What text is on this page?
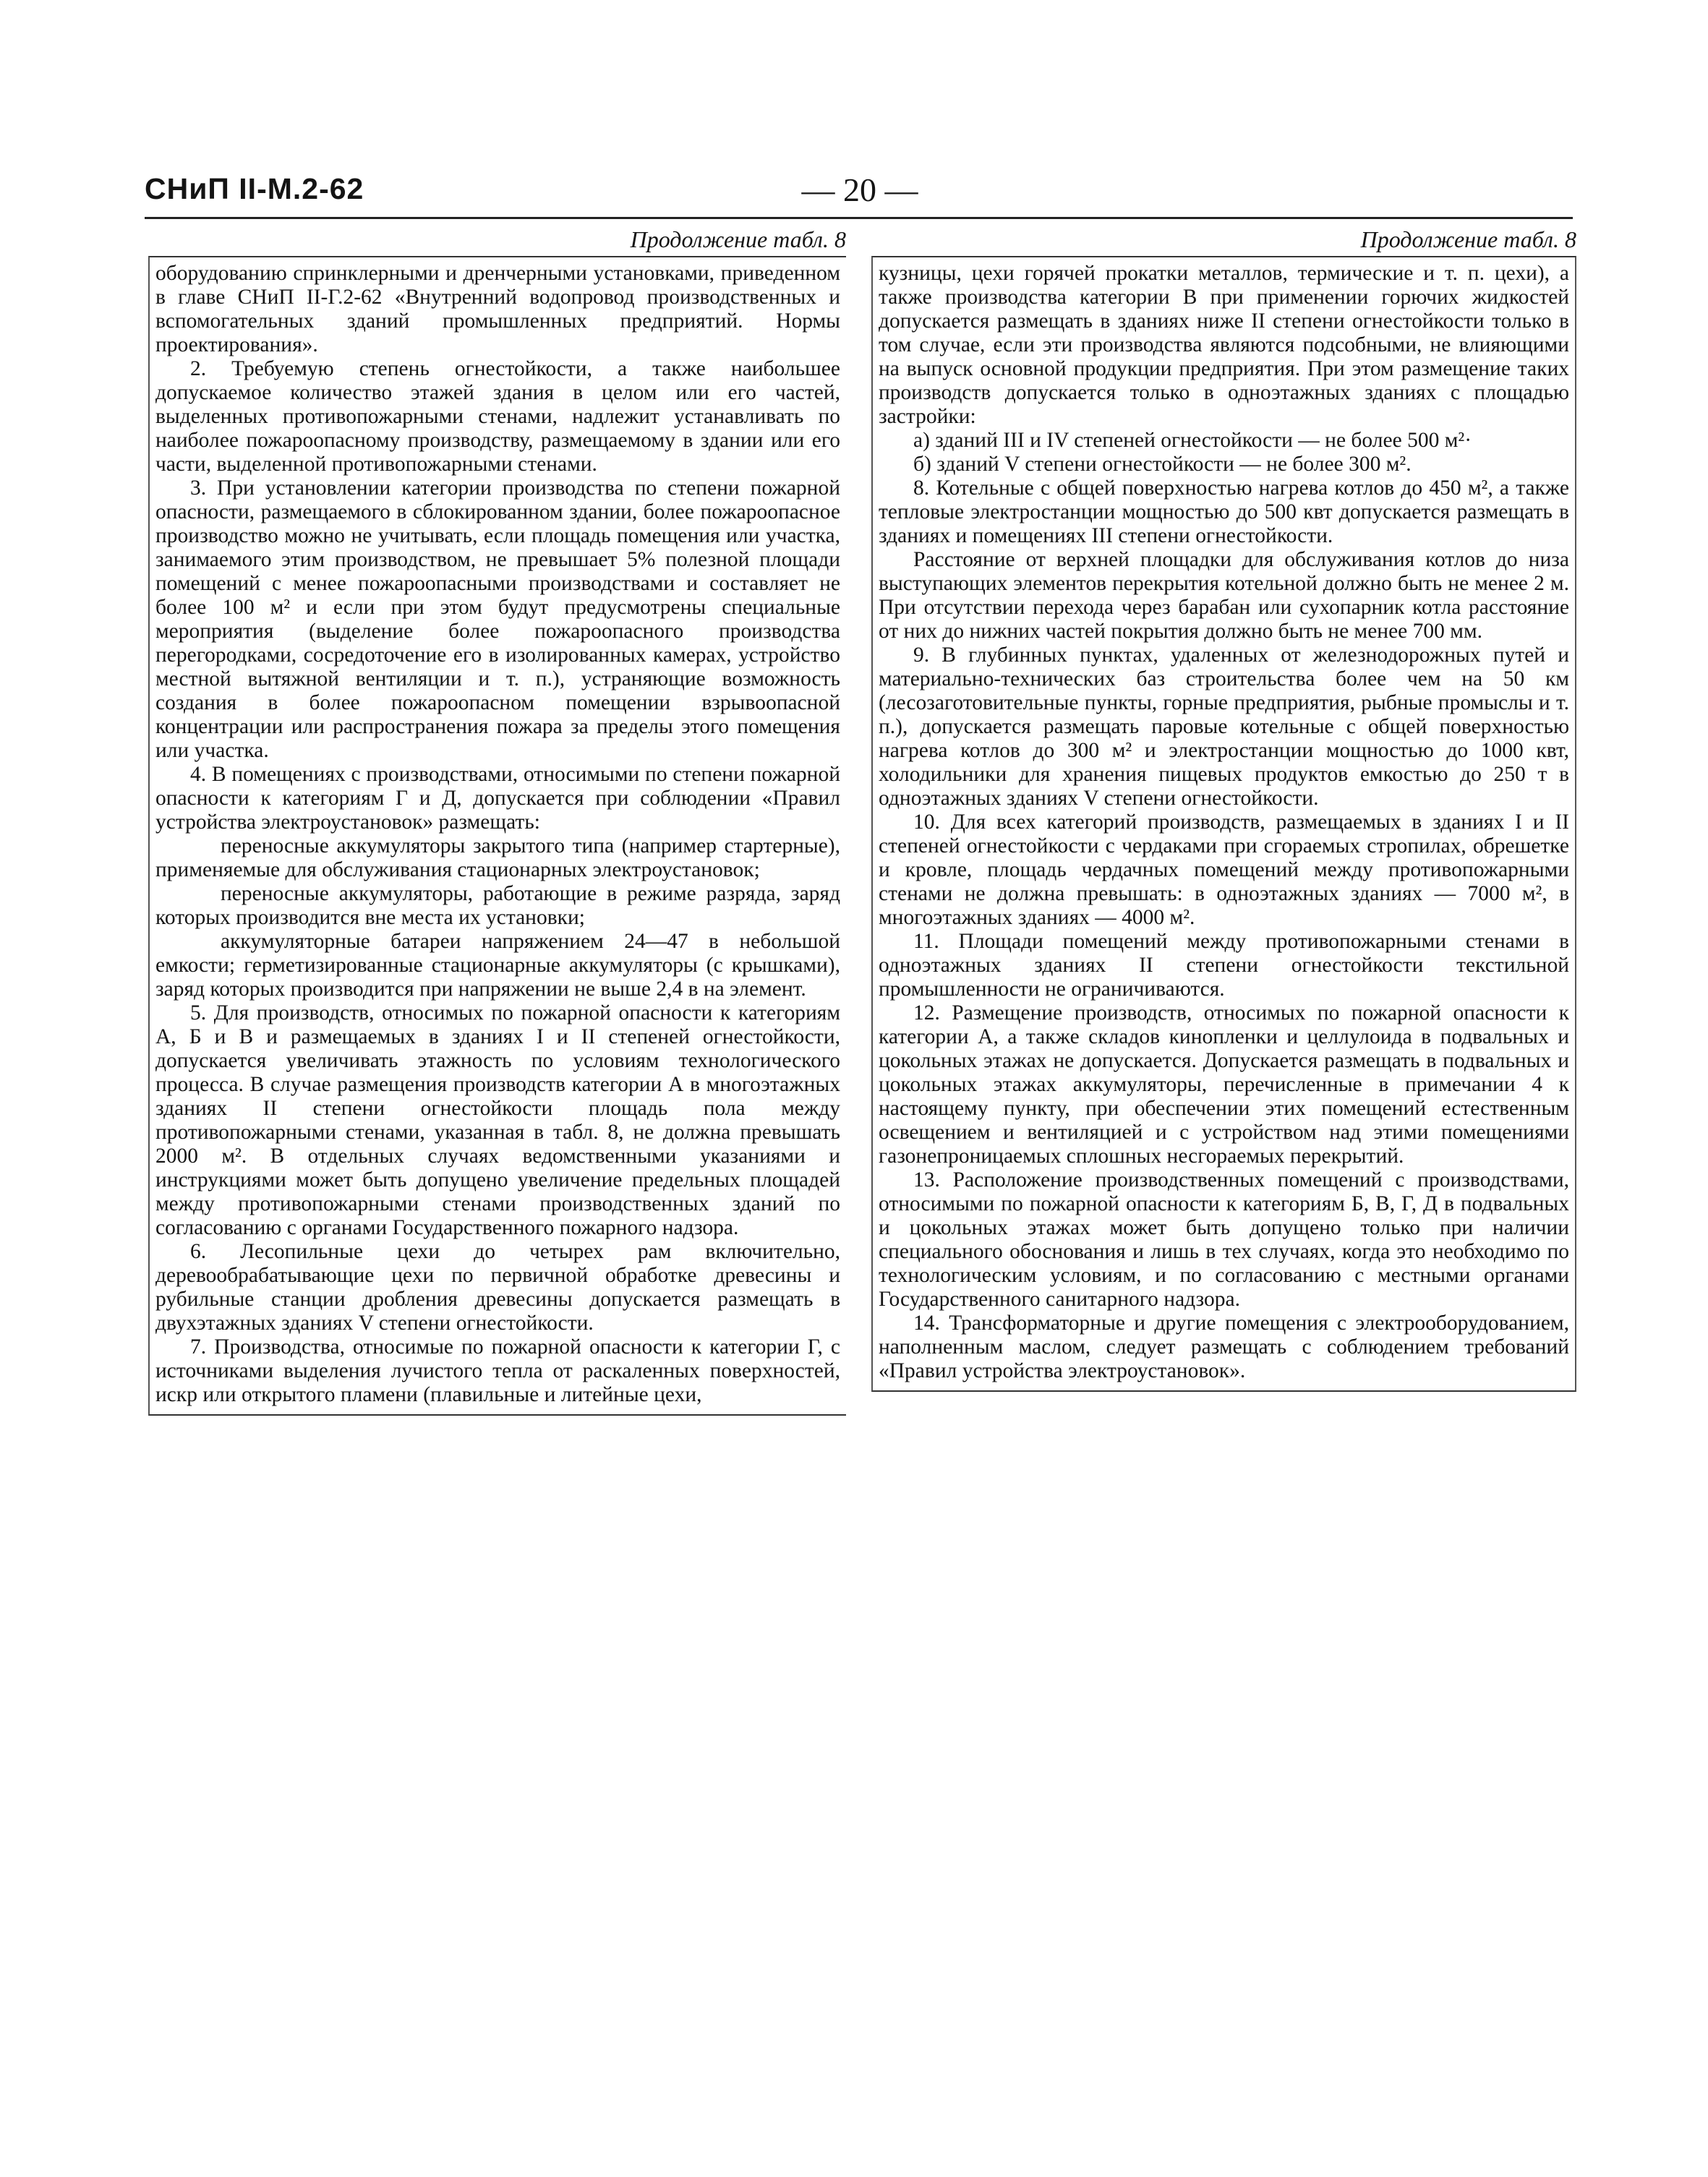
СНиП II-М.2-62	— 20 —
Продолжение табл. 8

оборудованию спринклерными и дренчерными установками, приведенном в главе СНиП II-Г.2-62 «Внутренний водопровод производственных и вспомогательных зданий промышленных предприятий. Нормы проектирования».

2. Требуемую степень огнестойкости, а также наибольшее допускаемое количество этажей здания в целом или его частей, выделенных противопожарными стенами, надлежит устанавливать по наиболее пожароопасному производству, размещаемому в здании или его части, выделенной противопожарными стенами.

3. При установлении категории производства по степени пожарной опасности, размещаемого в сблокированном здании, более пожароопасное производство можно не учитывать, если площадь помещения или участка, занимаемого этим производством, не превышает 5% полезной площади помещений с менее пожароопасными производствами и составляет не более 100 м² и если при этом будут предусмотрены специальные мероприятия (выделение более пожароопасного производства перегородками, сосредоточение его в изолированных камерах, устройство местной вытяжной вентиляции и т. п.), устраняющие возможность создания в более пожароопасном помещении взрывоопасной концентрации или распространения пожара за пределы этого помещения или участка.

4. В помещениях с производствами, относимыми по степени пожарной опасности к категориям Г и Д, допускается при соблюдении «Правил устройства электроустановок» размещать:

переносные аккумуляторы закрытого типа (например стартерные), применяемые для обслуживания стационарных электроустановок;

переносные аккумуляторы, работающие в режиме разряда, заряд которых производится вне места их установки;

аккумуляторные батареи напряжением 24—47 в небольшой емкости; герметизированные стационарные аккумуляторы (с крышками), заряд которых производится при напряжении не выше 2,4 в на элемент.

5. Для производств, относимых по пожарной опасности к категориям А, Б и В и размещаемых в зданиях I и II степеней огнестойкости, допускается увеличивать этажность по условиям технологического процесса. В случае размещения производств категории А в многоэтажных зданиях II степени огнестойкости площадь пола между противопожарными стенами, указанная в табл. 8, не должна превышать 2000 м². В отдельных случаях ведомственными указаниями и инструкциями может быть допущено увеличение предельных площадей между противопожарными стенами производственных зданий по согласованию с органами Государственного пожарного надзора.

6. Лесопильные цехи до четырех рам включительно, деревообрабатывающие цехи по первичной обработке древесины и рубильные станции дробления древесины допускается размещать в двухэтажных зданиях V степени огнестойкости.

7. Производства, относимые по пожарной опасности к категории Г, с источниками выделения лучистого тепла от раскаленных поверхностей, искр или открытого пламени (плавильные и литейные цехи,

Продолжение табл. 8

кузницы, цехи горячей прокатки металлов, термические и т. п. цехи), а также производства категории В при применении горючих жидкостей допускается размещать в зданиях ниже II степени огнестойкости только в том случае, если эти производства являются подсобными, не влияющими на выпуск основной продукции предприятия. При этом размещение таких производств допускается только в одноэтажных зданиях с площадью застройки:

а) зданий III и IV степеней огнестойкости — не более 500 м²·

б) зданий V степени огнестойкости — не более 300 м².

8. Котельные с общей поверхностью нагрева котлов до 450 м², а также тепловые электростанции мощностью до 500 квт допускается размещать в зданиях и помещениях III степени огнестойкости.

Расстояние от верхней площадки для обслуживания котлов до низа выступающих элементов перекрытия котельной должно быть не менее 2 м. При отсутствии перехода через барабан или сухопарник котла расстояние от них до нижних частей покрытия должно быть не менее 700 мм.

9. В глубинных пунктах, удаленных от железнодорожных путей и материально-технических баз строительства более чем на 50 км (лесозаготовительные пункты, горные предприятия, рыбные промыслы и т. п.), допускается размещать паровые котельные с общей поверхностью нагрева котлов до 300 м² и электростанции мощностью до 1000 квт, холодильники для хранения пищевых продуктов емкостью до 250 т в одноэтажных зданиях V степени огнестойкости.

10. Для всех категорий производств, размещаемых в зданиях I и II степеней огнестойкости с чердаками при сгораемых стропилах, обрешетке и кровле, площадь чердачных помещений между противопожарными стенами не должна превышать: в одноэтажных зданиях — 7000 м², в многоэтажных зданиях — 4000 м².

11. Площади помещений между противопожарными стенами в одноэтажных зданиях II степени огнестойкости текстильной промышленности не ограничиваются.

12. Размещение производств, относимых по пожарной опасности к категории А, а также складов кинопленки и целлулоида в подвальных и цокольных этажах не допускается. Допускается размещать в подвальных и цокольных этажах аккумуляторы, перечисленные в примечании 4 к настоящему пункту, при обеспечении этих помещений естественным освещением и вентиляцией и с устройством над этими помещениями газонепроницаемых сплошных несгораемых перекрытий.

13. Расположение производственных помещений с производствами, относимыми по пожарной опасности к категориям Б, В, Г, Д в подвальных и цокольных этажах может быть допущено только при наличии специального обоснования и лишь в тех случаях, когда это необходимо по технологическим условиям, и по согласованию с местными органами Государственного санитарного надзора.

14. Трансформаторные и другие помещения с электрооборудованием, наполненным маслом, следует размещать с соблюдением требований «Правил устройства электроустановок».
